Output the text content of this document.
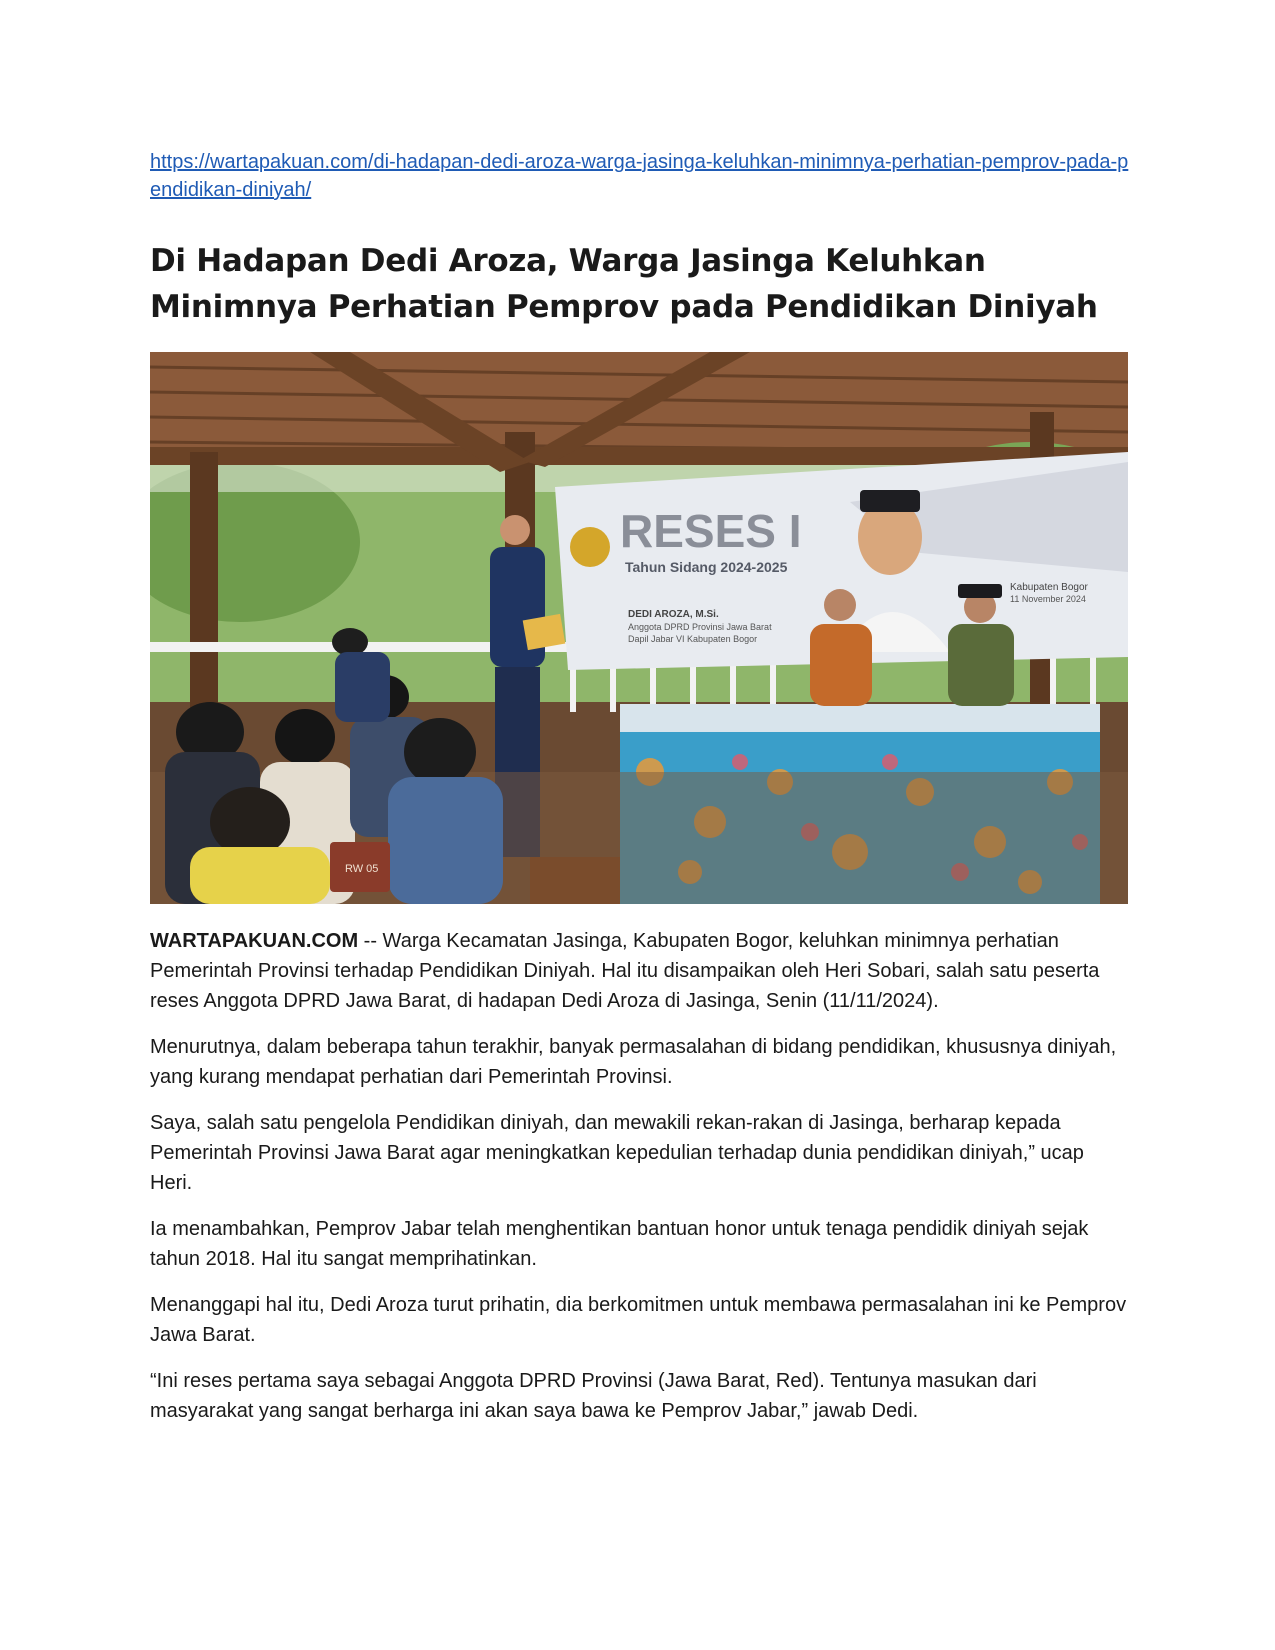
https://wartapakuan.com/di-hadapan-dedi-aroza-warga-jasinga-keluhkan-minimnya-perhatian-pemprov-pada-pendidikan-diniyah/
Di Hadapan Dedi Aroza, Warga Jasinga Keluhkan Minimnya Perhatian Pemprov pada Pendidikan Diniyah
RESES I
Tahun Sidang 2024-2025
DEDI AROZA, M.Si.
Anggota DPRD Provinsi Jawa Barat
Dapil Jabar VI Kabupaten Bogor
Kabupaten Bogor
11 November 2024
RW 05

WARTAPAKUAN.COM -- Warga Kecamatan Jasinga, Kabupaten Bogor, keluhkan minimnya perhatian Pemerintah Provinsi terhadap Pendidikan Diniyah. Hal itu disampaikan oleh Heri Sobari, salah satu peserta reses Anggota DPRD Jawa Barat, di hadapan Dedi Aroza di Jasinga, Senin (11/11/2024).

Menurutnya, dalam beberapa tahun terakhir, banyak permasalahan di bidang pendidikan, khususnya diniyah, yang kurang mendapat perhatian dari Pemerintah Provinsi.

Saya, salah satu pengelola Pendidikan diniyah, dan mewakili rekan-rakan di Jasinga, berharap kepada Pemerintah Provinsi Jawa Barat agar meningkatkan kepedulian terhadap dunia pendidikan diniyah,” ucap Heri.

Ia menambahkan, Pemprov Jabar telah menghentikan bantuan honor untuk tenaga pendidik diniyah sejak tahun 2018. Hal itu sangat memprihatinkan.

Menanggapi hal itu, Dedi Aroza turut prihatin, dia berkomitmen untuk membawa permasalahan ini ke Pemprov Jawa Barat.

“Ini reses pertama saya sebagai Anggota DPRD Provinsi (Jawa Barat, Red). Tentunya masukan dari masyarakat yang sangat berharga ini akan saya bawa ke Pemprov Jabar,” jawab Dedi.
